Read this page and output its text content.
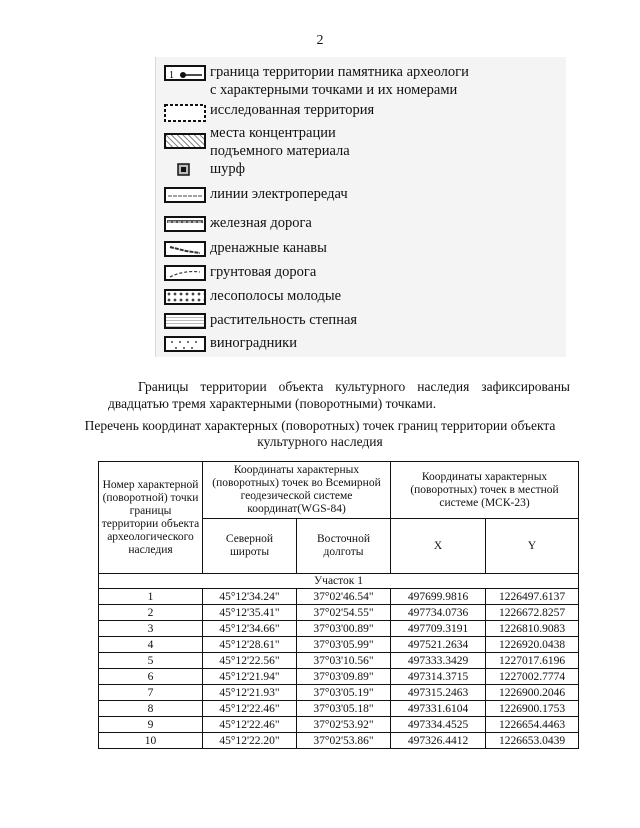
2
1 граница территории памятника археологи
с характерными точками и их номерами
исследованная территория
места концентрации
подъемного материала
шурф
линии электропередач
железная дорога
дренажные канавы
грунтовая дорога
лесополосы молодые
растительность степная
виноградники
Границы территории объекта культурного наследия зафиксированы двадцатью тремя характерными (поворотными) точками.
Перечень координат характерных (поворотных) точек границ территории объекта культурного наследия
Номер характерной (поворотной) точки границы территории объекта археологического наследия	Координаты характерных (поворотных) точек во Всемирной геодезической системе координат(WGS-84)		Координаты характерных (поворотных) точек в местной системе (МСК-23)	
	Северной широты	Восточной долготы	X	Y
Участок 1				
1	45°12'34.24"	37°02'46.54"	497699.9816	1226497.6137
2	45°12'35.41"	37°02'54.55"	497734.0736	1226672.8257
3	45°12'34.66"	37°03'00.89"	497709.3191	1226810.9083
4	45°12'28.61"	37°03'05.99"	497521.2634	1226920.0438
5	45°12'22.56"	37°03'10.56"	497333.3429	1227017.6196
6	45°12'21.94"	37°03'09.89"	497314.3715	1227002.7774
7	45°12'21.93"	37°03'05.19"	497315.2463	1226900.2046
8	45°12'22.46"	37°03'05.18"	497331.6104	1226900.1753
9	45°12'22.46"	37°02'53.92"	497334.4525	1226654.4463
10	45°12'22.20"	37°02'53.86"	497326.4412	1226653.0439
